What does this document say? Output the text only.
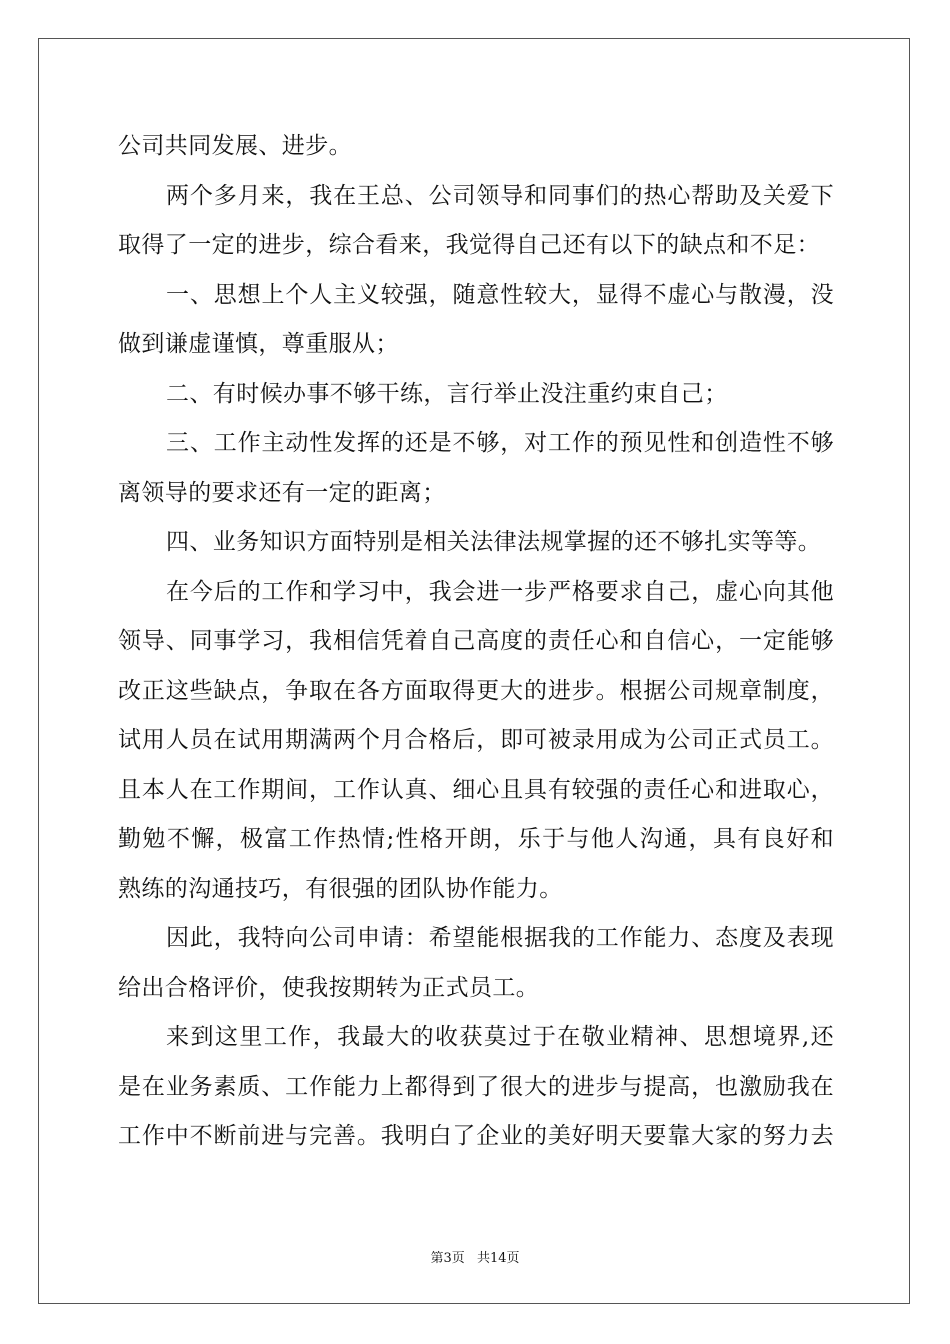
公司共同发展、进步。
两个多月来，我在王总、公司领导和同事们的热心帮助及关爱下
取得了一定的进步，综合看来，我觉得自己还有以下的缺点和不足：
一、思想上个人主义较强，随意性较大，显得不虚心与散漫，没
做到谦虚谨慎，尊重服从；
二、有时候办事不够干练，言行举止没注重约束自己；
三、工作主动性发挥的还是不够，对工作的预见性和创造性不够
离领导的要求还有一定的距离；
四、业务知识方面特别是相关法律法规掌握的还不够扎实等等。
在今后的工作和学习中，我会进一步严格要求自己，虚心向其他
领导、同事学习，我相信凭着自己高度的责任心和自信心，一定能够
改正这些缺点，争取在各方面取得更大的进步。根据公司规章制度，
试用人员在试用期满两个月合格后，即可被录用成为公司正式员工。
且本人在工作期间，工作认真、细心且具有较强的责任心和进取心，
勤勉不懈，极富工作热情;性格开朗，乐于与他人沟通，具有良好和
熟练的沟通技巧，有很强的团队协作能力。
因此，我特向公司申请：希望能根据我的工作能力、态度及表现
给出合格评价，使我按期转为正式员工。
来到这里工作，我最大的收获莫过于在敬业精神、思想境界,还
是在业务素质、工作能力上都得到了很大的进步与提高，也激励我在
工作中不断前进与完善。我明白了企业的美好明天要靠大家的努力去
第3页 共14页
